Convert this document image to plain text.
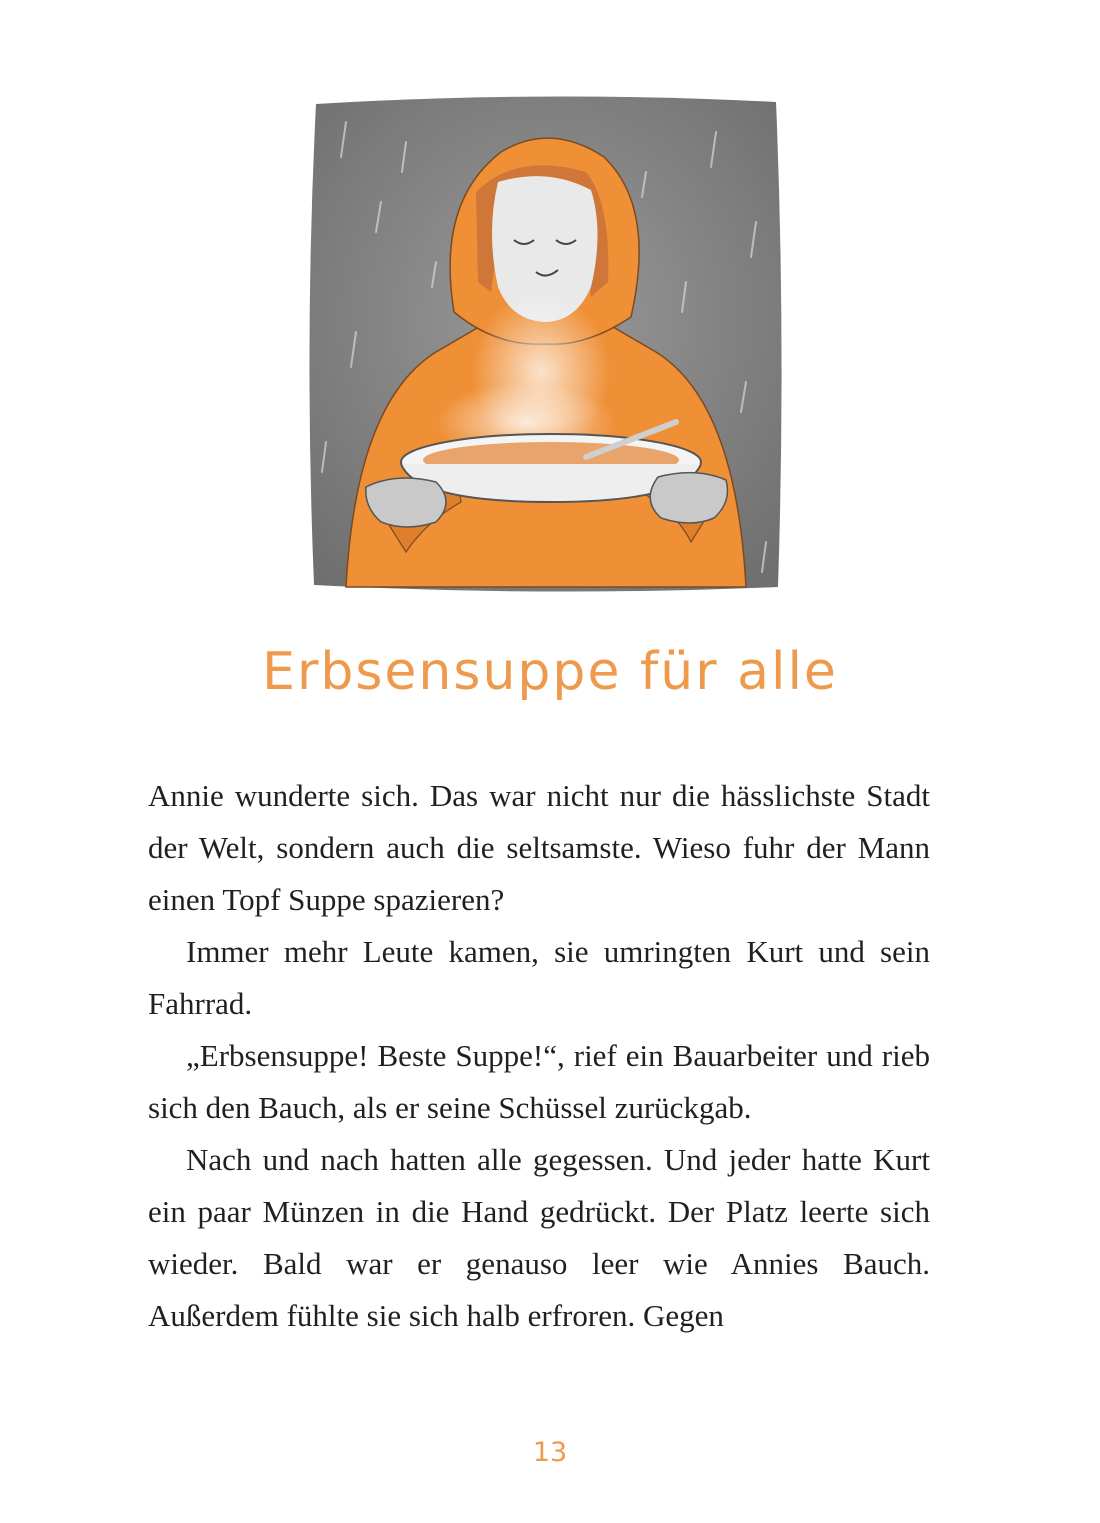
Erbsensuppe für alle

Annie wunderte sich. Das war nicht nur die hässlichste Stadt der Welt, sondern auch die seltsamste. Wieso fuhr der Mann einen Topf Suppe spazieren?

Immer mehr Leute kamen, sie umringten Kurt und sein Fahrrad.

„Erbsensuppe! Beste Suppe!“, rief ein Bauarbeiter und rieb sich den Bauch, als er seine Schüssel zurückgab.

Nach und nach hatten alle gegessen. Und jeder hatte Kurt ein paar Münzen in die Hand gedrückt. Der Platz leerte sich wieder. Bald war er genauso leer wie Annies Bauch. Außerdem fühlte sie sich halb erfroren. Gegen

13
